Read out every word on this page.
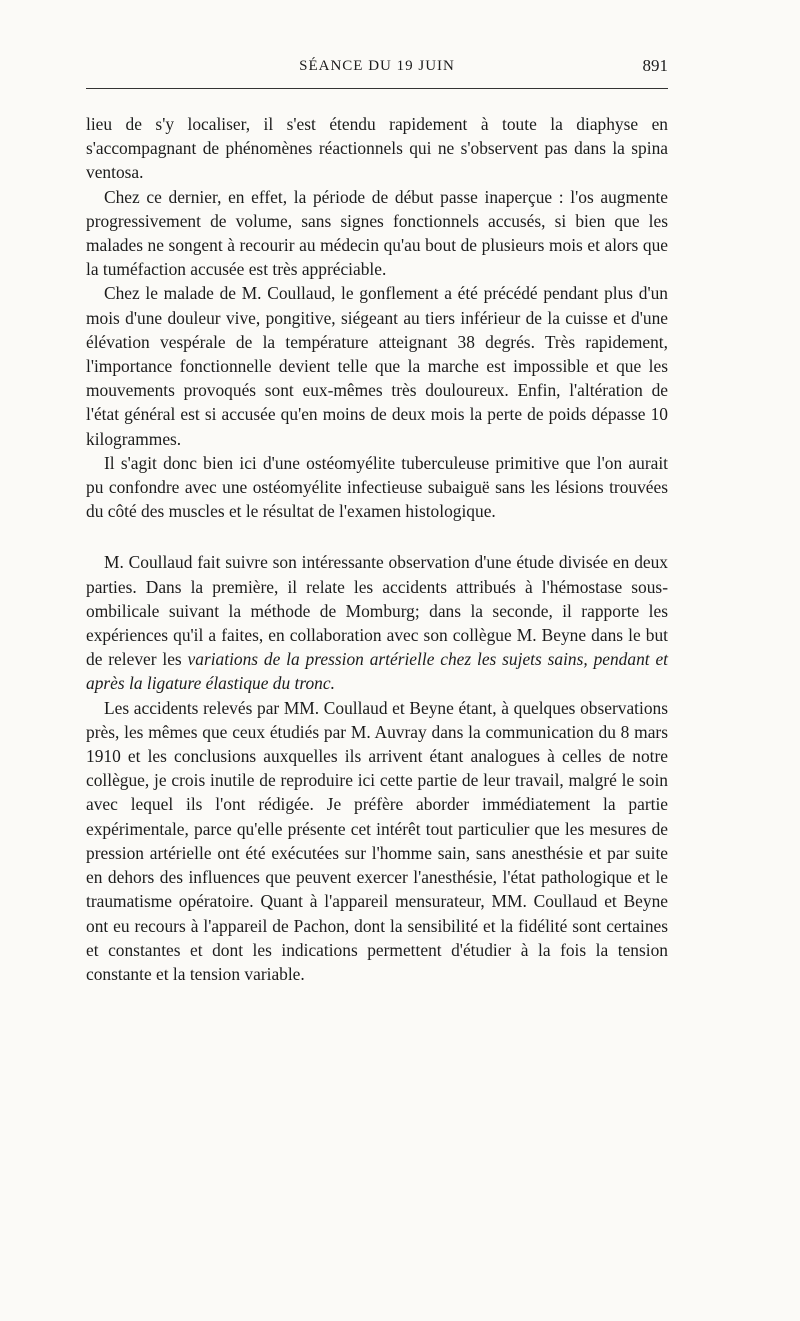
SÉANCE DU 19 JUIN	891

lieu de s'y localiser, il s'est étendu rapidement à toute la diaphyse en s'accompagnant de phénomènes réactionnels qui ne s'observent pas dans la spina ventosa.

Chez ce dernier, en effet, la période de début passe inaperçue : l'os augmente progressivement de volume, sans signes fonctionnels accusés, si bien que les malades ne songent à recourir au médecin qu'au bout de plusieurs mois et alors que la tuméfaction accusée est très appréciable.

Chez le malade de M. Coullaud, le gonflement a été précédé pendant plus d'un mois d'une douleur vive, pongitive, siégeant au tiers inférieur de la cuisse et d'une élévation vespérale de la température atteignant 38 degrés. Très rapidement, l'importance fonctionnelle devient telle que la marche est impossible et que les mouvements provoqués sont eux-mêmes très douloureux. Enfin, l'altération de l'état général est si accusée qu'en moins de deux mois la perte de poids dépasse 10 kilogrammes.

Il s'agit donc bien ici d'une ostéomyélite tuberculeuse primitive que l'on aurait pu confondre avec une ostéomyélite infectieuse subaiguë sans les lésions trouvées du côté des muscles et le résultat de l'examen histologique.

M. Coullaud fait suivre son intéressante observation d'une étude divisée en deux parties. Dans la première, il relate les accidents attribués à l'hémostase sous-ombilicale suivant la méthode de Momburg; dans la seconde, il rapporte les expériences qu'il a faites, en collaboration avec son collègue M. Beyne dans le but de relever les variations de la pression artérielle chez les sujets sains, pendant et après la ligature élastique du tronc.

Les accidents relevés par MM. Coullaud et Beyne étant, à quelques observations près, les mêmes que ceux étudiés par M. Auvray dans la communication du 8 mars 1910 et les conclusions auxquelles ils arrivent étant analogues à celles de notre collègue, je crois inutile de reproduire ici cette partie de leur travail, malgré le soin avec lequel ils l'ont rédigée. Je préfère aborder immédiatement la partie expérimentale, parce qu'elle présente cet intérêt tout particulier que les mesures de pression artérielle ont été exécutées sur l'homme sain, sans anesthésie et par suite en dehors des influences que peuvent exercer l'anesthésie, l'état pathologique et le traumatisme opératoire. Quant à l'appareil mensurateur, MM. Coullaud et Beyne ont eu recours à l'appareil de Pachon, dont la sensibilité et la fidélité sont certaines et constantes et dont les indications permettent d'étudier à la fois la tension constante et la tension variable.
